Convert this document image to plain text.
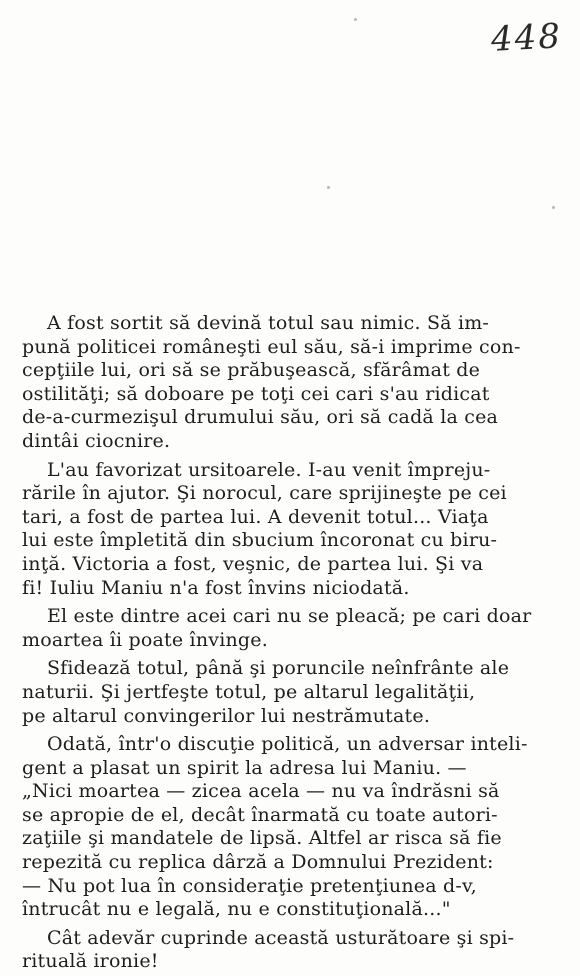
448

A fost sortit să devină totul sau nimic. Să im-
pună politicei româneşti eul său, să-i imprime con-
cepţiile lui, ori să se prăbuşească, sfărâmat de
ostilităţi; să doboare pe toţi cei cari s'au ridicat
de-a-curmezişul drumului său, ori să cadă la cea
dintâi ciocnire.

L'au favorizat ursitoarele. I-au venit împreju-
rările în ajutor. Şi norocul, care sprijineşte pe cei
tari, a fost de partea lui. A devenit totul... Viaţa
lui este împletită din sbucium încoronat cu biru-
inţă. Victoria a fost, veşnic, de partea lui. Şi va
fi! Iuliu Maniu n'a fost învins niciodată.

El este dintre acei cari nu se pleacă; pe cari doar
moartea îi poate învinge.

Sfidează totul, până şi poruncile neînfrânte ale
naturii. Şi jertfeşte totul, pe altarul legalităţii,
pe altarul convingerilor lui nestrămutate.

Odată, într'o discuţie politică, un adversar inteli-
gent a plasat un spirit la adresa lui Maniu. —
„Nici moartea — zicea acela — nu va îndrăsni să
se apropie de el, decât înarmată cu toate autori-
zaţiile şi mandatele de lipsă. Altfel ar risca să fie
repezită cu replica dârză a Domnului Prezident:
— Nu pot lua în consideraţie pretenţiunea d-v,
întrucât nu e legală, nu e constituţională..."

Cât adevăr cuprinde această usturătoare şi spi-
rituală ironie!
